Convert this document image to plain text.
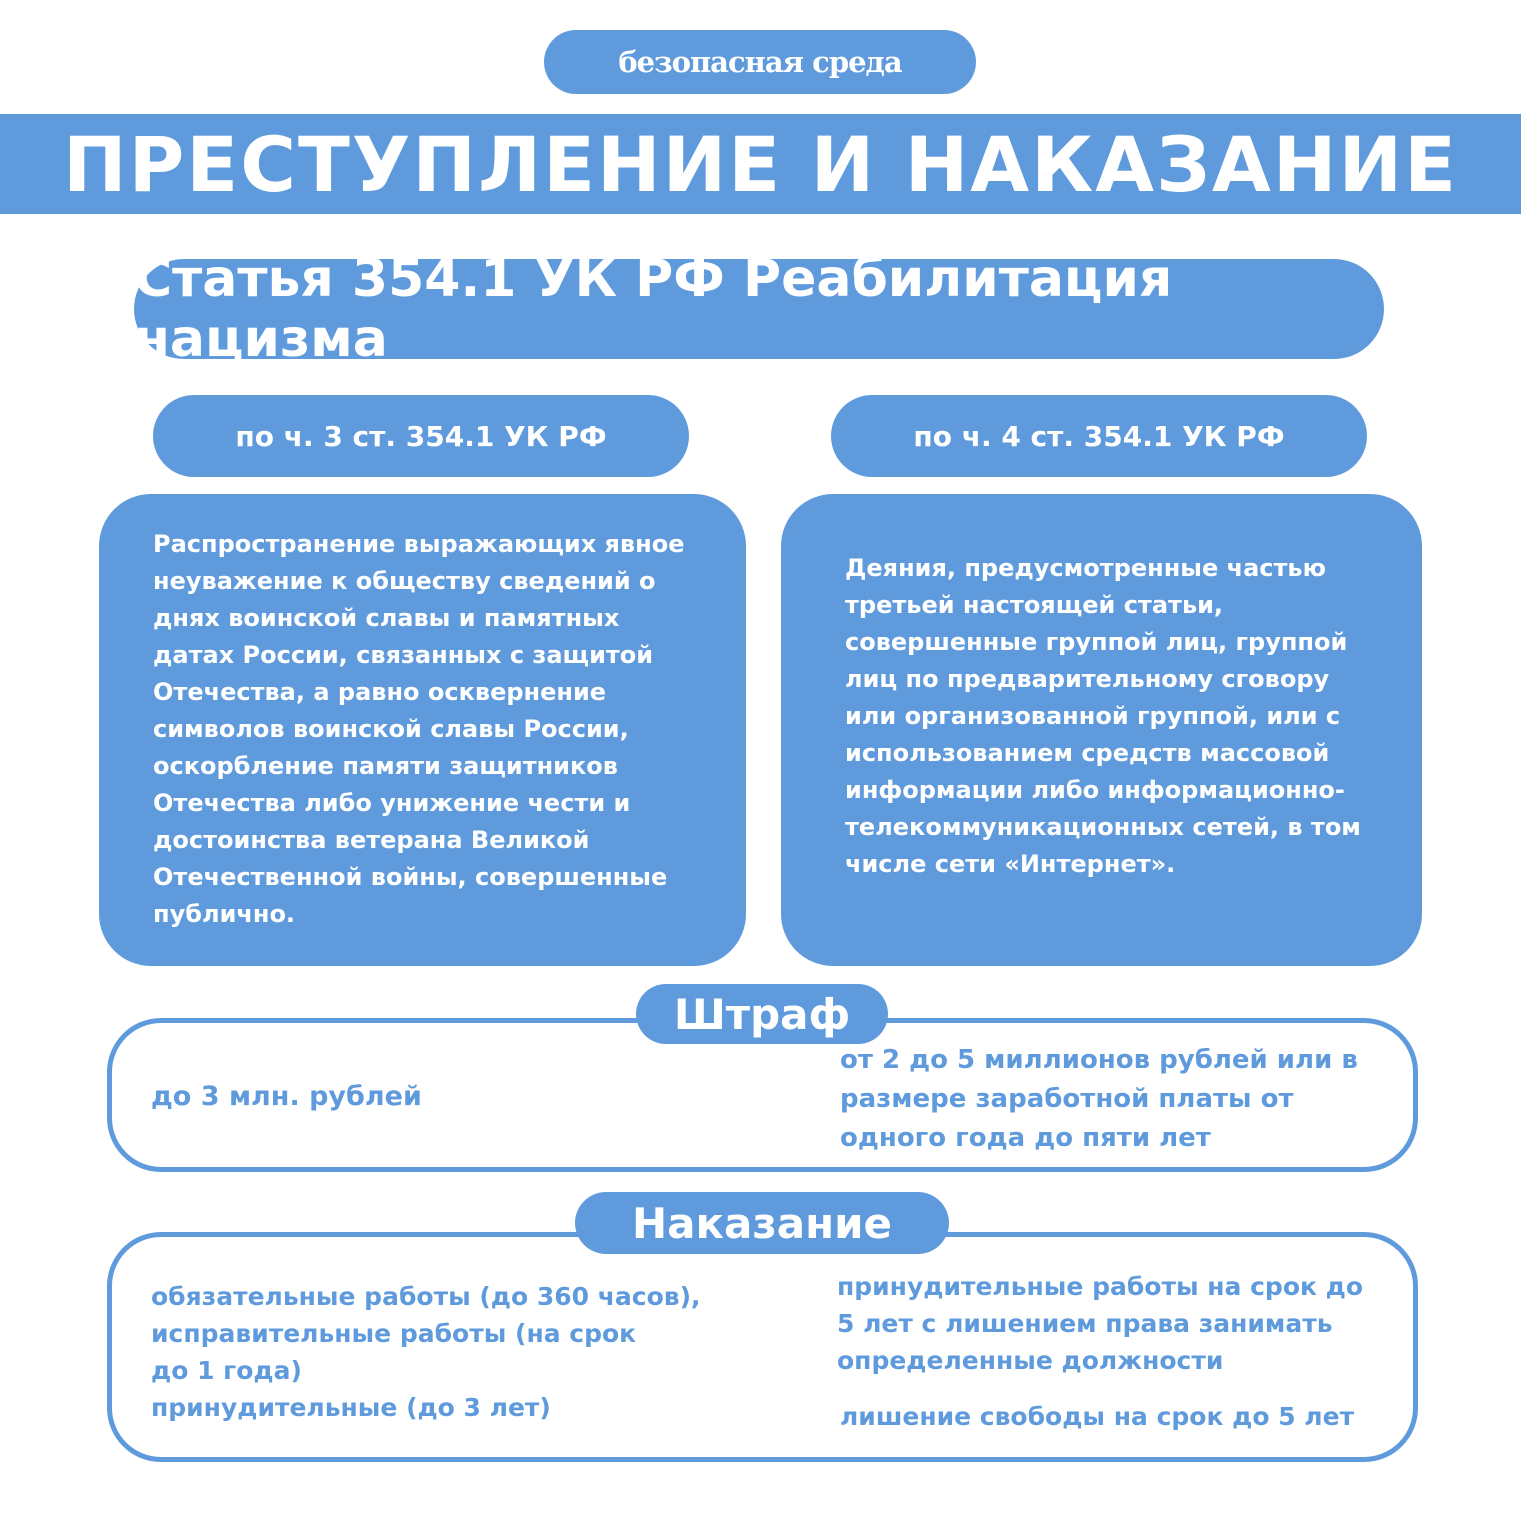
безопасная среда
ПРЕСТУПЛЕНИЕ И НАКАЗАНИЕ
Статья 354.1 УК РФ Реабилитация нацизма
по ч. 3 ст. 354.1 УК РФ	по ч. 4 ст. 354.1 УК РФ

Распространение выражающих явное неуважение к обществу сведений о днях воинской славы и памятных датах России, связанных с защитой Отечества, а равно осквернение символов воинской славы России, оскорбление памяти защитников Отечества либо унижение чести и достоинства ветерана Великой Отечественной войны, совершенные публично.

Деяния, предусмотренные частью третьей настоящей статьи, совершенные группой лиц, группой лиц по предварительному сговору или организованной группой, или с использованием средств массовой информации либо информационно-телекоммуникационных сетей, в том числе сети «Интернет».

Штраф
до 3 млн. рублей
от 2 до 5 миллионов рублей или в размере заработной платы от одного года до пяти лет
Наказание

обязательные работы (до 360 часов),

исправительные работы (на срок

до 1 года)

принудительные (до 3 лет)

принудительные работы на срок до 5 лет с лишением права занимать определенные должности
лишение свободы на срок до 5 лет
